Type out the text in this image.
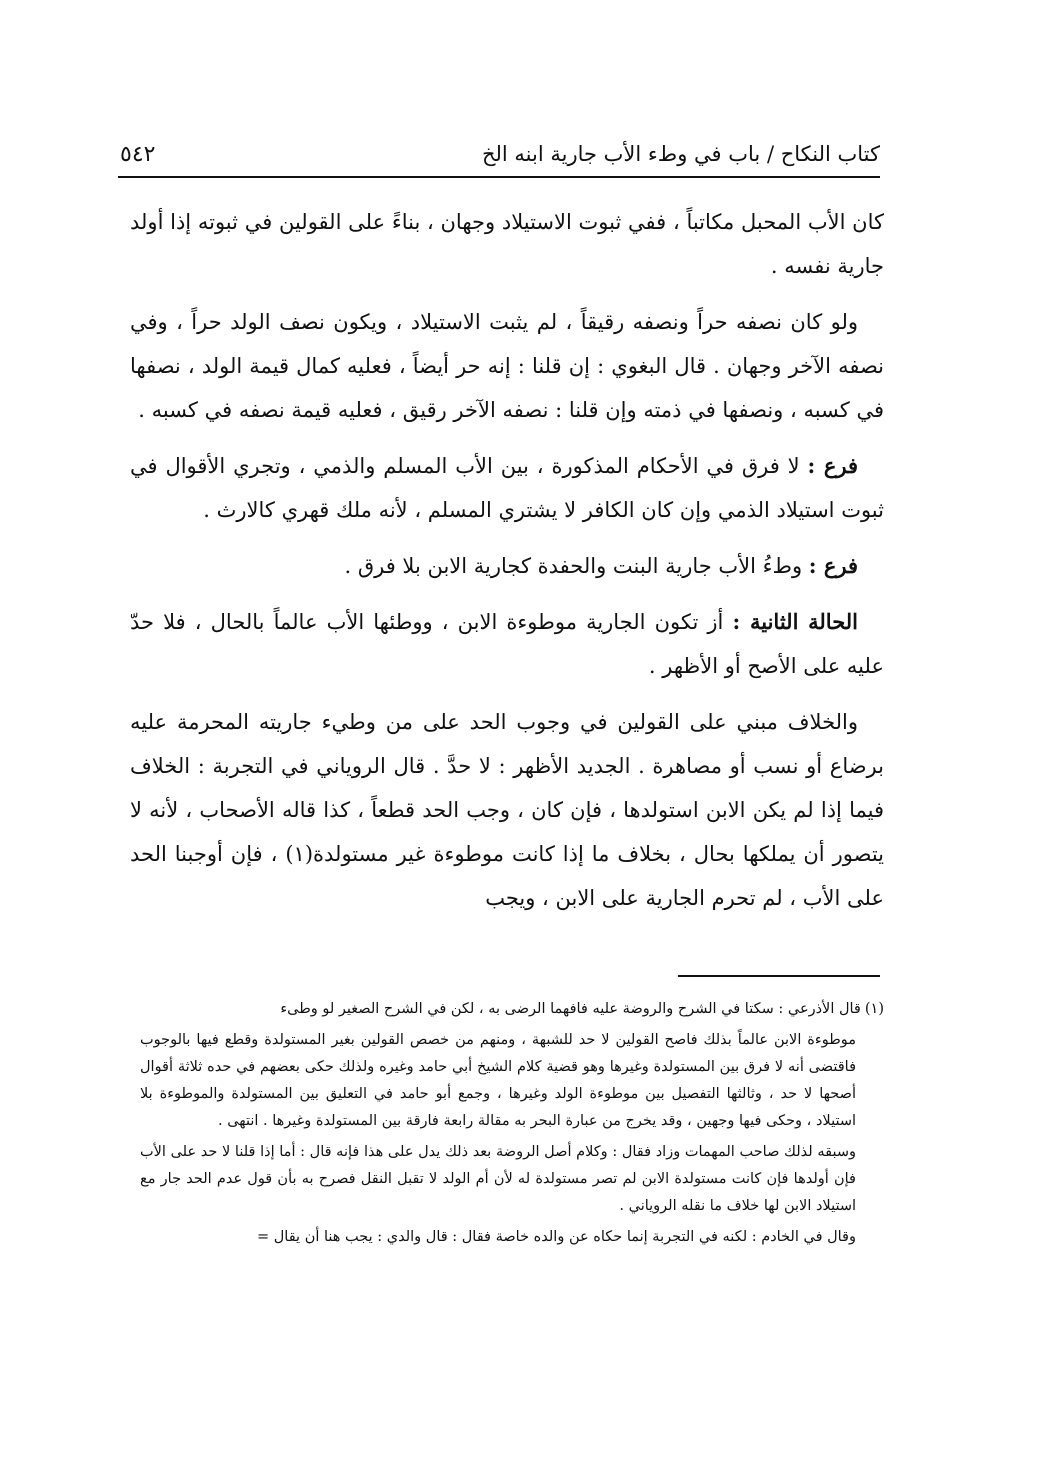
كتاب النكاح / باب في وطء الأب جارية ابنه الخ
٥٤٢

كان الأب المحبل مكاتباً ، ففي ثبوت الاستيلاد وجهان ، بناءً على القولين في ثبوته إذا أولد جارية نفسه .

ولو كان نصفه حراً ونصفه رقيقاً ، لم يثبت الاستيلاد ، ويكون نصف الولد حراً ، وفي نصفه الآخر وجهان . قال البغوي : إن قلنا : إنه حر أيضاً ، فعليه كمال قيمة الولد ، نصفها في كسبه ، ونصفها في ذمته وإن قلنا : نصفه الآخر رقيق ، فعليه قيمة نصفه في كسبه .

فرع : لا فرق في الأحكام المذكورة ، بين الأب المسلم والذمي ، وتجري الأقوال في ثبوت استيلاد الذمي وإن كان الكافر لا يشتري المسلم ، لأنه ملك قهري كالارث .

فرع : وطءُ الأب جارية البنت والحفدة كجارية الابن بلا فرق .

الحالة الثانية : أز تكون الجارية موطوءة الابن ، ووطئها الأب عالماً بالحال ، فلا حدّ عليه على الأصح أو الأظهر .

والخلاف مبني على القولين في وجوب الحد على من وطيء جاريته المحرمة عليه برضاع أو نسب أو مصاهرة . الجديد الأظهر : لا حدَّ . قال الروياني في التجربة : الخلاف فيما إذا لم يكن الابن استولدها ، فإن كان ، وجب الحد قطعاً ، كذا قاله الأصحاب ، لأنه لا يتصور أن يملكها بحال ، بخلاف ما إذا كانت موطوءة غير مستولدة(١) ، فإن أوجبنا الحد على الأب ، لم تحرم الجارية على الابن ، ويجب

(١)قال الأذرعي : سكتا في الشرح والروضة عليه فافهما الرضى به ، لكن في الشرح الصغير لو وطىء

موطوءة الابن عالماً بذلك فاصح القولين لا حد للشبهة ، ومنهم من خصص القولين بغير المستولدة وقطع فيها بالوجوب فاقتضى أنه لا فرق بين المستولدة وغيرها وهو قضية كلام الشيخ أبي حامد وغيره ولذلك حكى بعضهم في حده ثلاثة أقوال أصحها لا حد ، وثالثها التفصيل بين موطوءة الولد وغيرها ، وجمع أبو حامد في التعليق بين المستولدة والموطوءة بلا استيلاد ، وحكى فيها وجهين ، وقد يخرج من عبارة البحر به مقالة رابعة فارقة بين المستولدة وغيرها . انتهى .

وسبقه لذلك صاحب المهمات وزاد فقال : وكلام أصل الروضة بعد ذلك يدل على هذا فإنه قال : أما إذا قلنا لا حد على الأب فإن أولدها فإن كانت مستولدة الابن لم تصر مستولدة له لأن أم الولد لا تقبل النقل فصرح به بأن قول عدم الحد جار مع استيلاد الابن لها خلاف ما نقله الروياني .

وقال في الخادم : لكنه في التجربة إنما حكاه عن والده خاصة فقال : قال والدي : يجب هنا أن يقال =
